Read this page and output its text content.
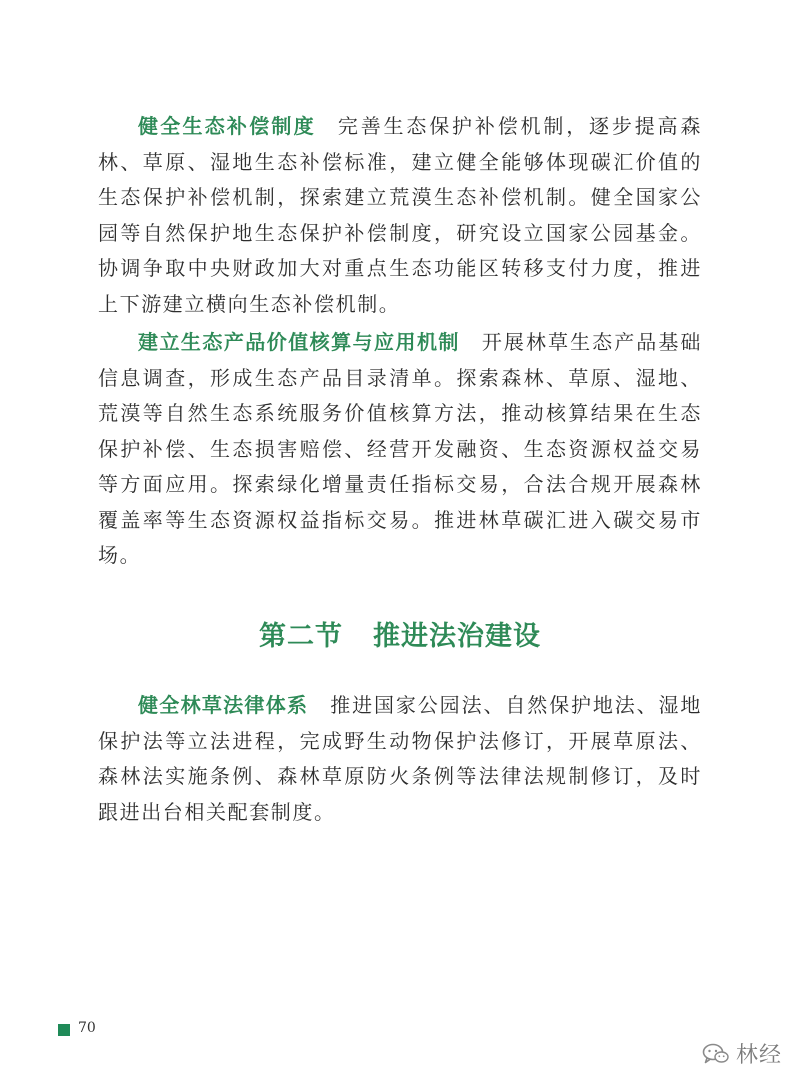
健全生态补偿制度 完善生态保护补偿机制，逐步提高森林、草原、湿地生态补偿标准，建立健全能够体现碳汇价值的生态保护补偿机制，探索建立荒漠生态补偿机制。健全国家公园等自然保护地生态保护补偿制度，研究设立国家公园基金。协调争取中央财政加大对重点生态功能区转移支付力度，推进上下游建立横向生态补偿机制。

建立生态产品价值核算与应用机制 开展林草生态产品基础信息调查，形成生态产品目录清单。探索森林、草原、湿地、荒漠等自然生态系统服务价值核算方法，推动核算结果在生态保护补偿、生态损害赔偿、经营开发融资、生态资源权益交易等方面应用。探索绿化增量责任指标交易，合法合规开展森林覆盖率等生态资源权益指标交易。推进林草碳汇进入碳交易市场。

第二节 推进法治建设

健全林草法律体系 推进国家公园法、自然保护地法、湿地保护法等立法进程，完成野生动物保护法修订，开展草原法、森林法实施条例、森林草原防火条例等法律法规制修订，及时跟进出台相关配套制度。

70
林经
